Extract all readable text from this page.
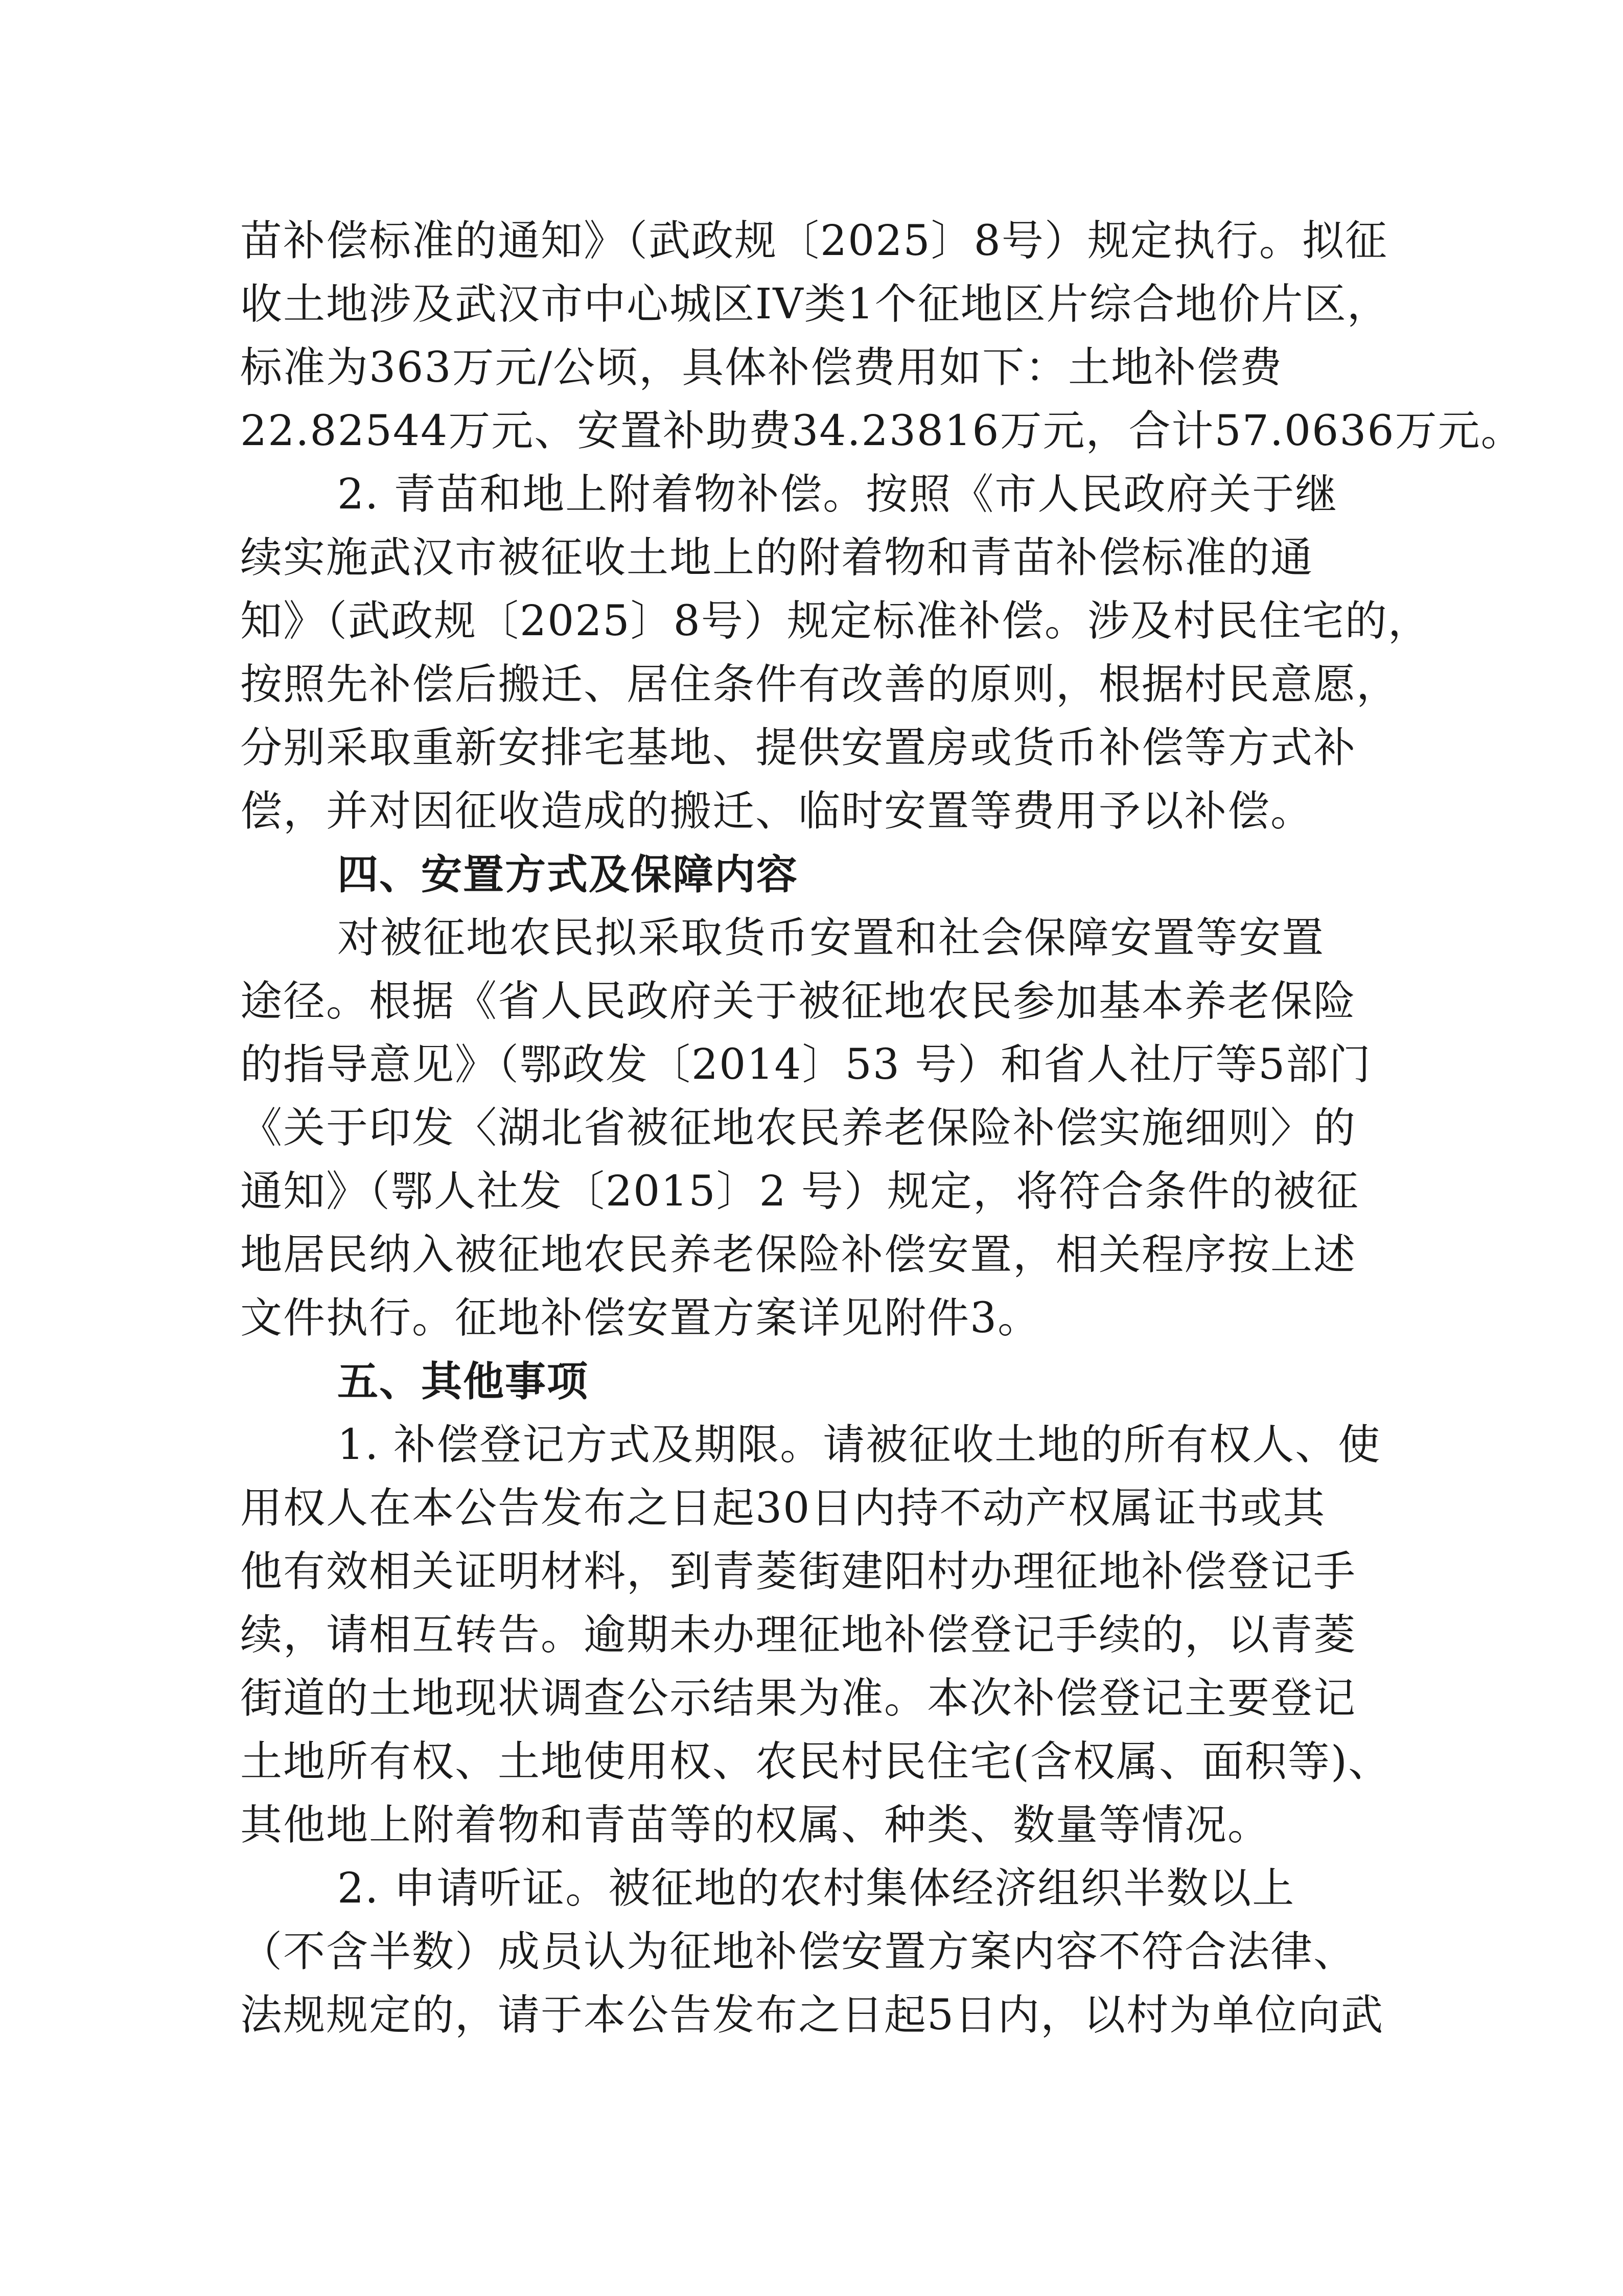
苗补偿标准的通知》（武政规〔2025〕8号）规定执行。拟征
收土地涉及武汉市中心城区IV类1个征地区片综合地价片区，
标准为363万元/公顷，具体补偿费用如下：土地补偿费
22.82544万元、安置补助费34.23816万元，合计57.0636万元。
2. 青苗和地上附着物补偿。按照《市人民政府关于继
续实施武汉市被征收土地上的附着物和青苗补偿标准的通
知》（武政规〔2025〕8号）规定标准补偿。涉及村民住宅的，
按照先补偿后搬迁、居住条件有改善的原则，根据村民意愿，
分别采取重新安排宅基地、提供安置房或货币补偿等方式补
偿，并对因征收造成的搬迁、临时安置等费用予以补偿。
四、安置方式及保障内容
对被征地农民拟采取货币安置和社会保障安置等安置
途径。根据《省人民政府关于被征地农民参加基本养老保险
的指导意见》（鄂政发〔2014〕53 号）和省人社厅等5部门
《关于印发〈湖北省被征地农民养老保险补偿实施细则〉的
通知》（鄂人社发〔2015〕2 号）规定，将符合条件的被征
地居民纳入被征地农民养老保险补偿安置，相关程序按上述
文件执行。征地补偿安置方案详见附件3。
五、其他事项
1. 补偿登记方式及期限。请被征收土地的所有权人、使
用权人在本公告发布之日起30日内持不动产权属证书或其
他有效相关证明材料，到青菱街建阳村办理征地补偿登记手
续，请相互转告。逾期未办理征地补偿登记手续的，以青菱
街道的土地现状调查公示结果为准。本次补偿登记主要登记
土地所有权、土地使用权、农民村民住宅(含权属、面积等)、
其他地上附着物和青苗等的权属、种类、数量等情况。
2. 申请听证。被征地的农村集体经济组织半数以上
（不含半数）成员认为征地补偿安置方案内容不符合法律、
法规规定的，请于本公告发布之日起5日内，以村为单位向武
